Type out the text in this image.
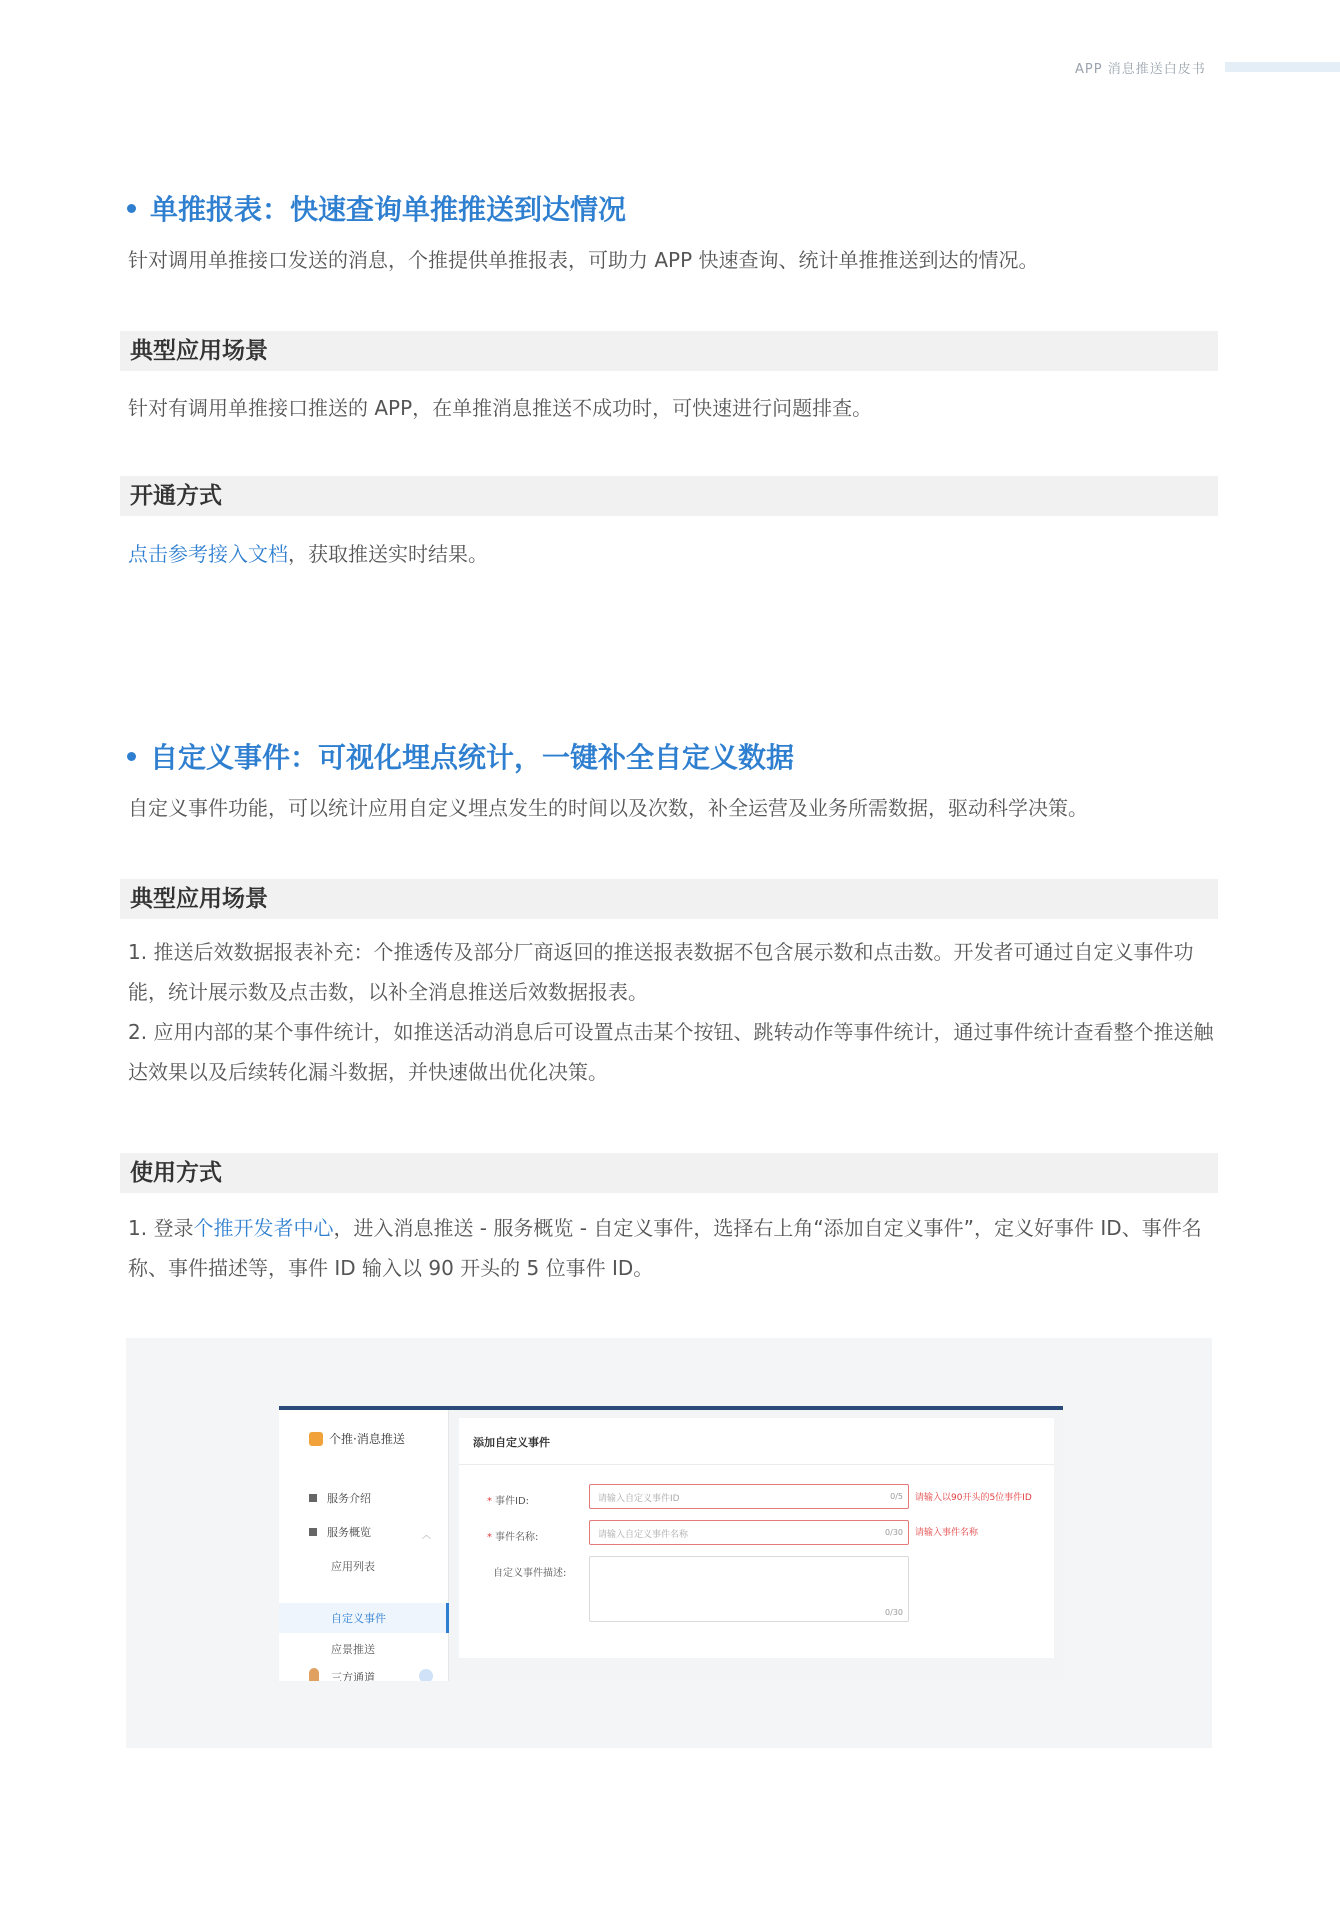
APP 消息推送白皮书
单推报表：快速查询单推推送到达情况
针对调用单推接口发送的消息，个推提供单推报表，可助力 APP 快速查询、统计单推推送到达的情况。
典型应用场景
针对有调用单推接口推送的 APP，在单推消息推送不成功时，可快速进行问题排查。
开通方式
点击参考接入文档，获取推送实时结果。
自定义事件：可视化埋点统计，一键补全自定义数据
自定义事件功能，可以统计应用自定义埋点发生的时间以及次数，补全运营及业务所需数据，驱动科学决策。
典型应用场景
1. 推送后效数据报表补充：个推透传及部分厂商返回的推送报表数据不包含展示数和点击数。开发者可通过自定义事件功能，统计展示数及点击数，以补全消息推送后效数据报表。
2. 应用内部的某个事件统计，如推送活动消息后可设置点击某个按钮、跳转动作等事件统计，通过事件统计查看整个推送触达效果以及后续转化漏斗数据，并快速做出优化决策。
使用方式
1. 登录个推开发者中心，进入消息推送 - 服务概览 - 自定义事件，选择右上角“添加自定义事件”，定义好事件 ID、事件名称、事件描述等，事件 ID 输入以 90 开头的 5 位事件 ID。
个推·消息推送
服务介绍
服务概览	︿
应用列表
自定义事件
应景推送
三方通道
添加自定义事件
* 事件ID:	请输入自定义事件ID	0/5 请输入以90开头的5位事件ID
* 事件名称:	请输入自定义事件名称	0/30 请输入事件名称
自定义事件描述:
0/30
